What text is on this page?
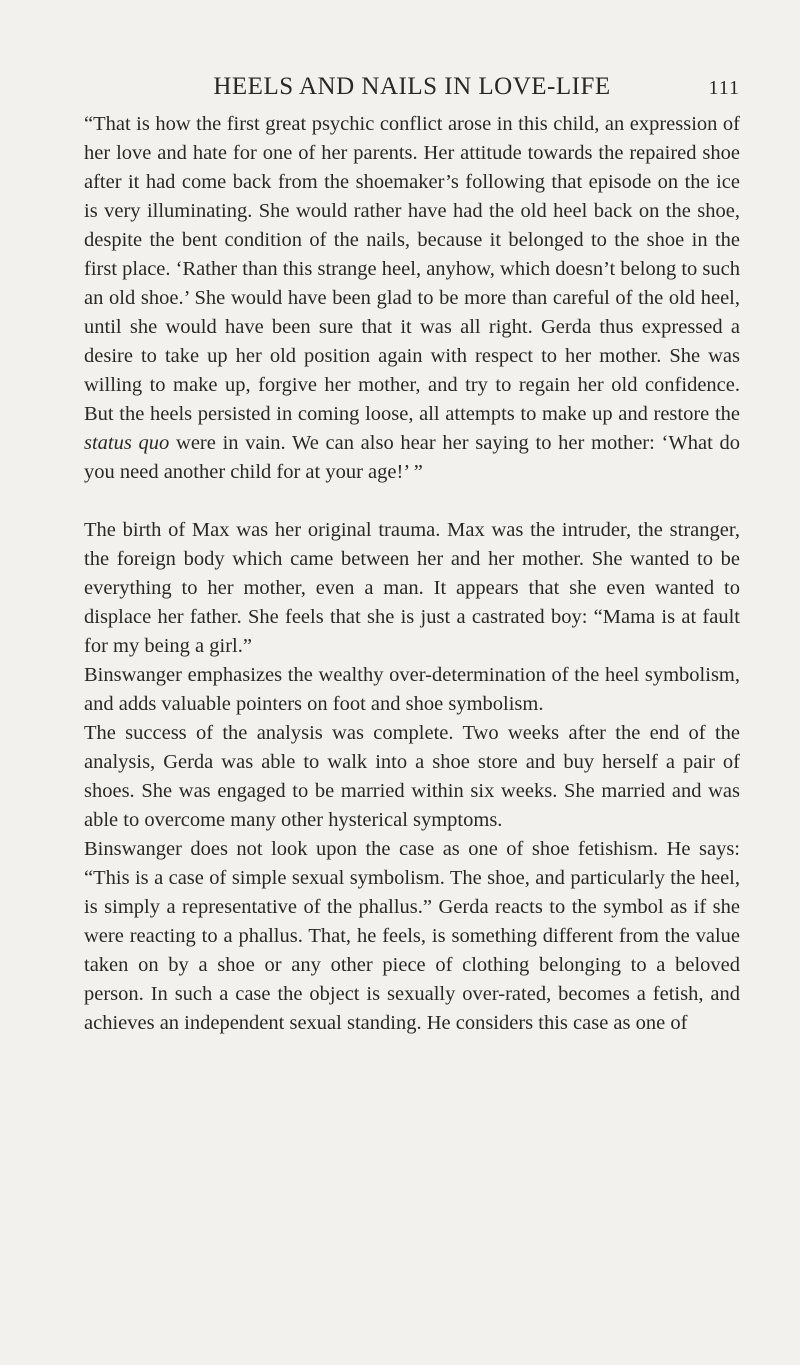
HEELS AND NAILS IN LOVE-LIFE	111

“That is how the first great psychic conflict arose in this child, an expression of her love and hate for one of her parents. Her attitude towards the repaired shoe after it had come back from the shoemaker’s following that episode on the ice is very illuminating. She would rather have had the old heel back on the shoe, despite the bent condition of the nails, because it belonged to the shoe in the first place. ‘Rather than this strange heel, anyhow, which doesn’t belong to such an old shoe.’ She would have been glad to be more than careful of the old heel, until she would have been sure that it was all right. Gerda thus expressed a desire to take up her old position again with respect to her mother. She was willing to make up, forgive her mother, and try to regain her old confidence. But the heels persisted in coming loose, all attempts to make up and restore the status quo were in vain. We can also hear her saying to her mother: ‘What do you need another child for at your age!’ ”

The birth of Max was her original trauma. Max was the intruder, the stranger, the foreign body which came between her and her mother. She wanted to be everything to her mother, even a man. It appears that she even wanted to displace her father. She feels that she is just a castrated boy: “Mama is at fault for my being a girl.”

Binswanger emphasizes the wealthy over-determination of the heel symbolism, and adds valuable pointers on foot and shoe symbolism.

The success of the analysis was complete. Two weeks after the end of the analysis, Gerda was able to walk into a shoe store and buy herself a pair of shoes. She was engaged to be married within six weeks. She married and was able to overcome many other hysterical symptoms.

Binswanger does not look upon the case as one of shoe fetishism. He says: “This is a case of simple sexual symbolism. The shoe, and particularly the heel, is simply a representative of the phallus.” Gerda reacts to the symbol as if she were reacting to a phallus. That, he feels, is something different from the value taken on by a shoe or any other piece of clothing belonging to a beloved person. In such a case the object is sexually over-rated, becomes a fetish, and achieves an independent sexual standing. He considers this case as one of
